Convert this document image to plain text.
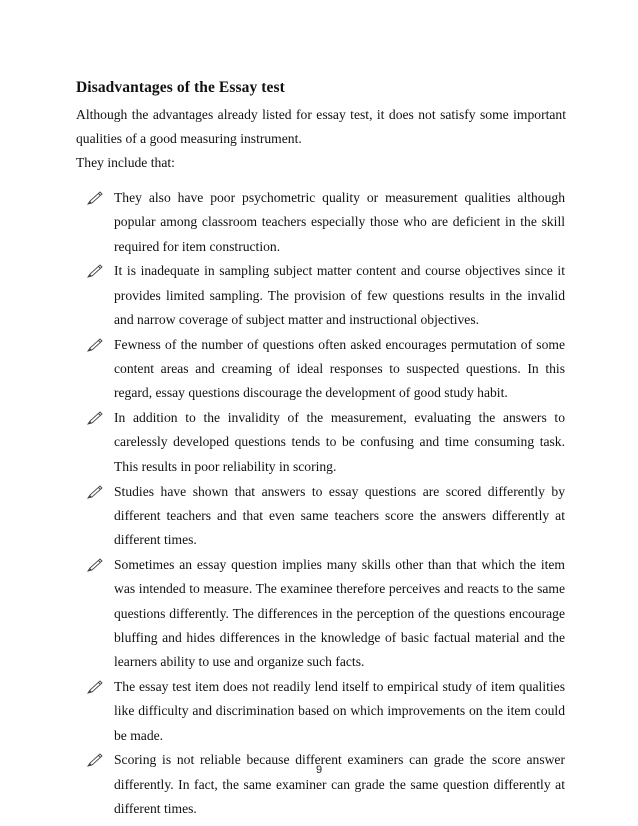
Disadvantages of the Essay test

Although the advantages already listed for essay test, it does not satisfy some important qualities of a good measuring instrument.

They include that:

They also have poor psychometric quality or measurement qualities although popular among classroom teachers especially those who are deficient in the skill required for item construction.
It is inadequate in sampling subject matter content and course objectives since it provides limited sampling. The provision of few questions results in the invalid and narrow coverage of subject matter and instructional objectives.
Fewness of the number of questions often asked encourages permutation of some content areas and creaming of ideal responses to suspected questions. In this regard, essay questions discourage the development of good study habit.
In addition to the invalidity of the measurement, evaluating the answers to carelessly developed questions tends to be confusing and time consuming task. This results in poor reliability in scoring.
Studies have shown that answers to essay questions are scored differently by different teachers and that even same teachers score the answers differently at different times.
Sometimes an essay question implies many skills other than that which the item was intended to measure. The examinee therefore perceives and reacts to the same questions differently. The differences in the perception of the questions encourage bluffing and hides differences in the knowledge of basic factual material and the learners ability to use and organize such facts.
The essay test item does not readily lend itself to empirical study of item qualities like difficulty and discrimination based on which improvements on the item could be made.
Scoring is not reliable because different examiners can grade the score answer differently. In fact, the same examiner can grade the same question differently at different times.
9
